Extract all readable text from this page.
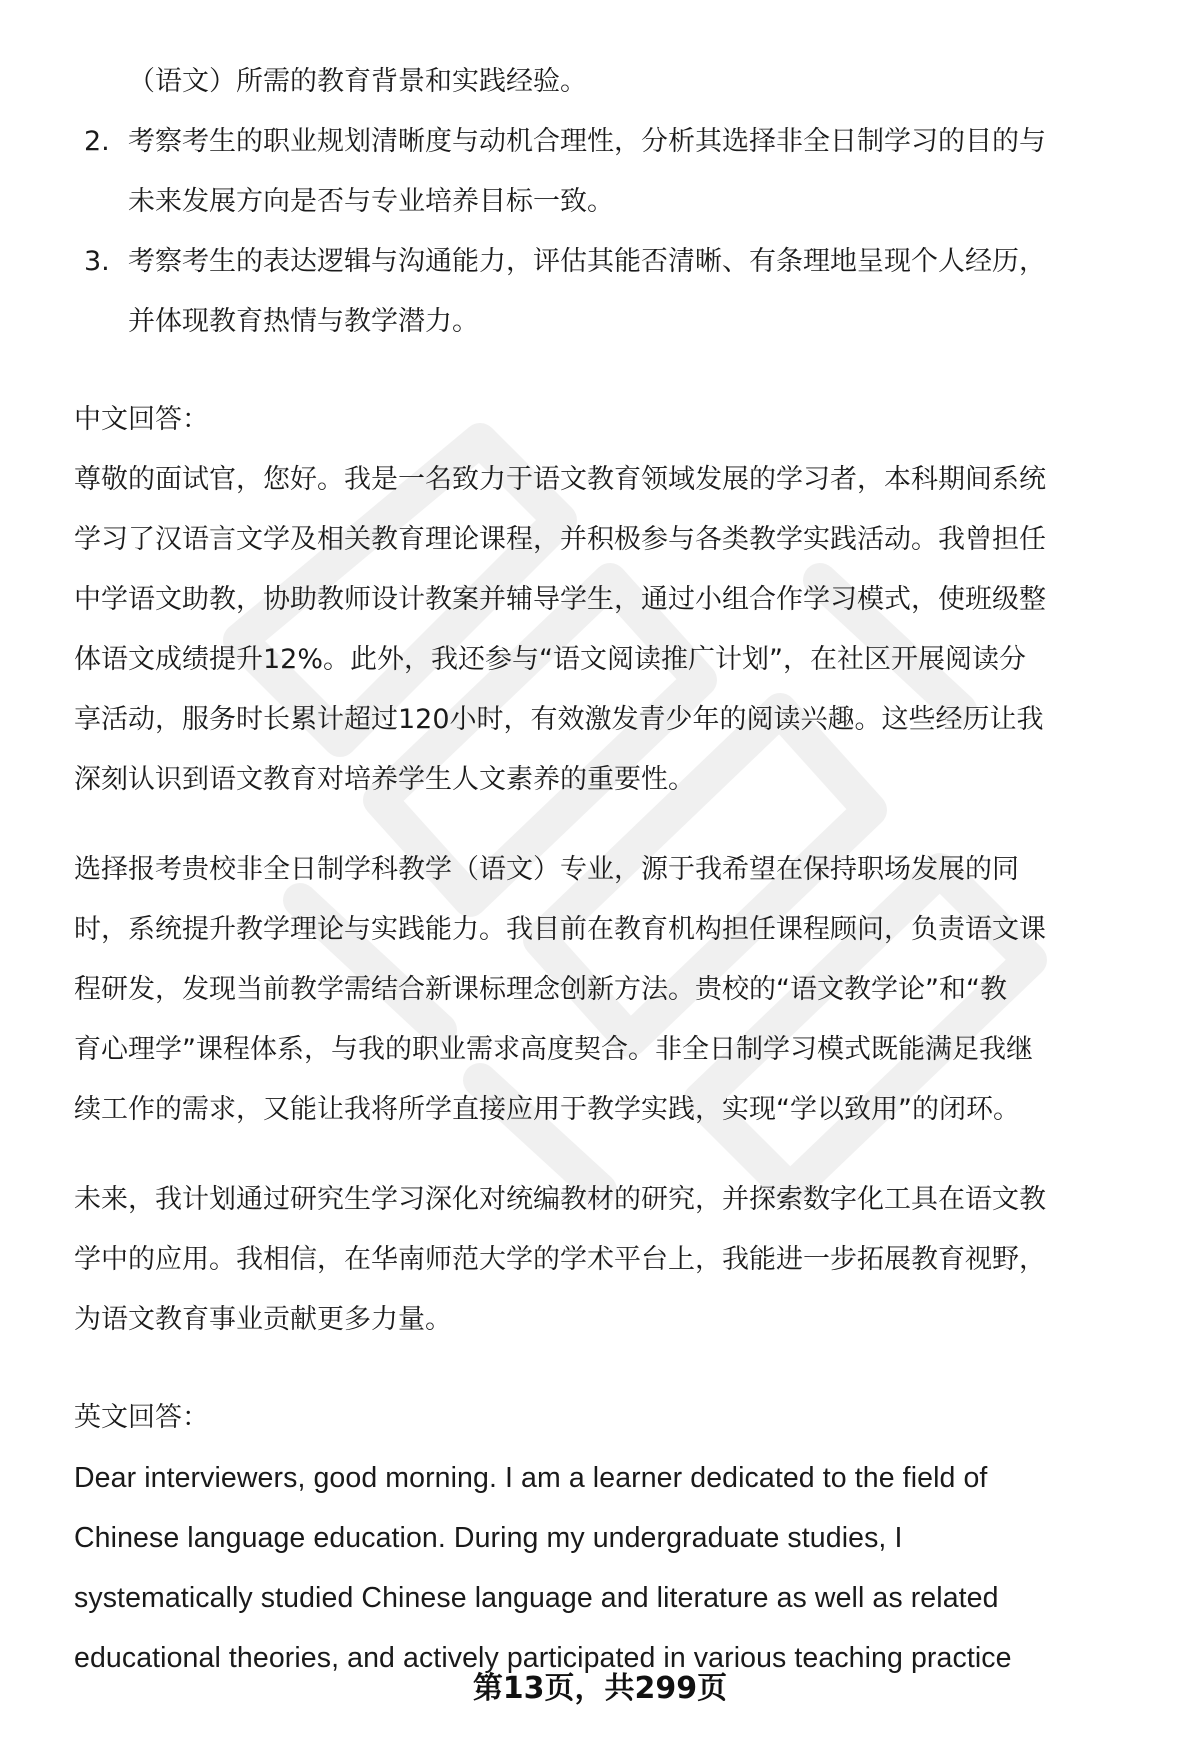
（语文）所需的教育背景和实践经验。
2. 考察考生的职业规划清晰度与动机合理性，分析其选择非全日制学习的目的与
未来发展方向是否与专业培养目标一致。
3. 考察考生的表达逻辑与沟通能力，评估其能否清晰、有条理地呈现个人经历，
并体现教育热情与教学潜力。
中文回答：
尊敬的面试官，您好。我是一名致力于语文教育领域发展的学习者，本科期间系统
学习了汉语言文学及相关教育理论课程，并积极参与各类教学实践活动。我曾担任
中学语文助教，协助教师设计教案并辅导学生，通过小组合作学习模式，使班级整
体语文成绩提升12%。此外，我还参与“语文阅读推广计划”，在社区开展阅读分
享活动，服务时长累计超过120小时，有效激发青少年的阅读兴趣。这些经历让我
深刻认识到语文教育对培养学生人文素养的重要性。
选择报考贵校非全日制学科教学（语文）专业，源于我希望在保持职场发展的同
时，系统提升教学理论与实践能力。我目前在教育机构担任课程顾问，负责语文课
程研发，发现当前教学需结合新课标理念创新方法。贵校的“语文教学论”和“教
育心理学”课程体系，与我的职业需求高度契合。非全日制学习模式既能满足我继
续工作的需求，又能让我将所学直接应用于教学实践，实现“学以致用”的闭环。
未来，我计划通过研究生学习深化对统编教材的研究，并探索数字化工具在语文教
学中的应用。我相信，在华南师范大学的学术平台上，我能进一步拓展教育视野，
为语文教育事业贡献更多力量。
英文回答：
Dear interviewers, good morning. I am a learner dedicated to the field of
Chinese language education. During my undergraduate studies, I
systematically studied Chinese language and literature as well as related
educational theories, and actively participated in various teaching practice
第13页，共299页
